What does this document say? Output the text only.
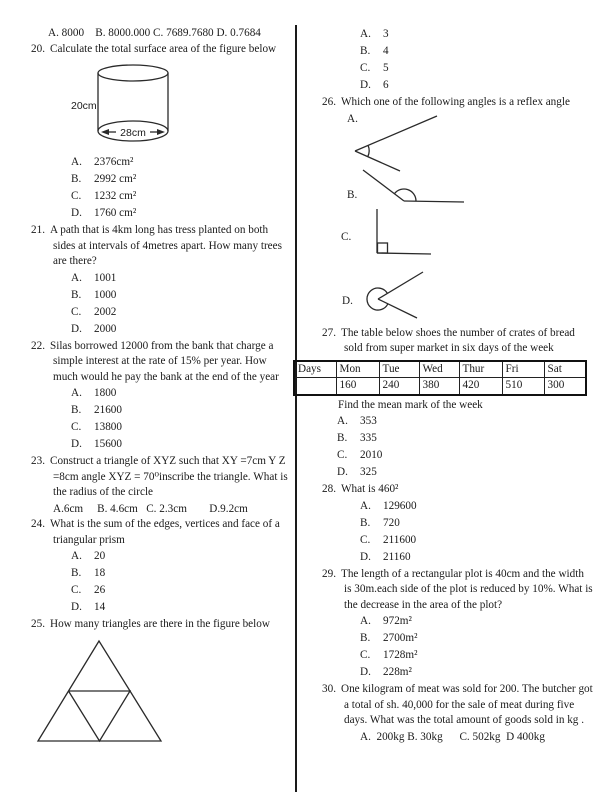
A. 8000    B. 8000.000 C. 7689.7680 D. 0.7684
20. Calculate the total surface area of the figure below
20cm
28cm
A. 2376cm²
B. 2992 cm²
C. 1232 cm²
D. 1760 cm²
21. A path that is 4km long has tress planted on both sides at intervals of 4metres apart. How many trees are there?
A. 1001
B. 1000
C. 2002
D. 2000
22. Silas borrowed 12000 from the bank that charge a simple interest at the rate of 15% per year. How much would he pay the bank at the end of the year
A. 1800
B. 21600
C. 13800
D. 15600
23. Construct a triangle of XYZ such that XY =7cm Y Z =8cm angle XYZ = 70⁰inscribe the triangle. What is the radius of the circle
A.6cm     B. 4.6cm   C. 2.3cm        D.9.2cm
24. What is the sum of the edges, vertices and face of a triangular prism
A. 20
B. 18
C. 26
D. 14
25. How many triangles are there in the figure below
A. 3
B. 4
C. 5
D. 6
26. Which one of the following angles is a reflex angle
A.
B.
C.
D.
27. The table below shoes the number of crates of bread sold from super market in six days of the week
Days	Mon	Tue	Wed	Thur	Fri	Sat
	160	240	380	420	510	300
Find the mean mark of the week
A. 353
B. 335
C. 2010
D. 325
28. What is 460²
A. 129600
B. 720
C. 211600
D. 21160
29. The length of a rectangular plot is 40cm and the width is 30m.each side of the plot is reduced by 10%. What is the decrease in the area of the plot?
A. 972m²
B. 2700m²
C. 1728m²
D. 228m²
30. One kilogram of meat was sold for 200. The butcher got a total of sh. 40,000 for the sale of meat during five days. What was the total amount of goods sold in kg .
A.  200kg B. 30kg      C. 502kg  D 400kg
